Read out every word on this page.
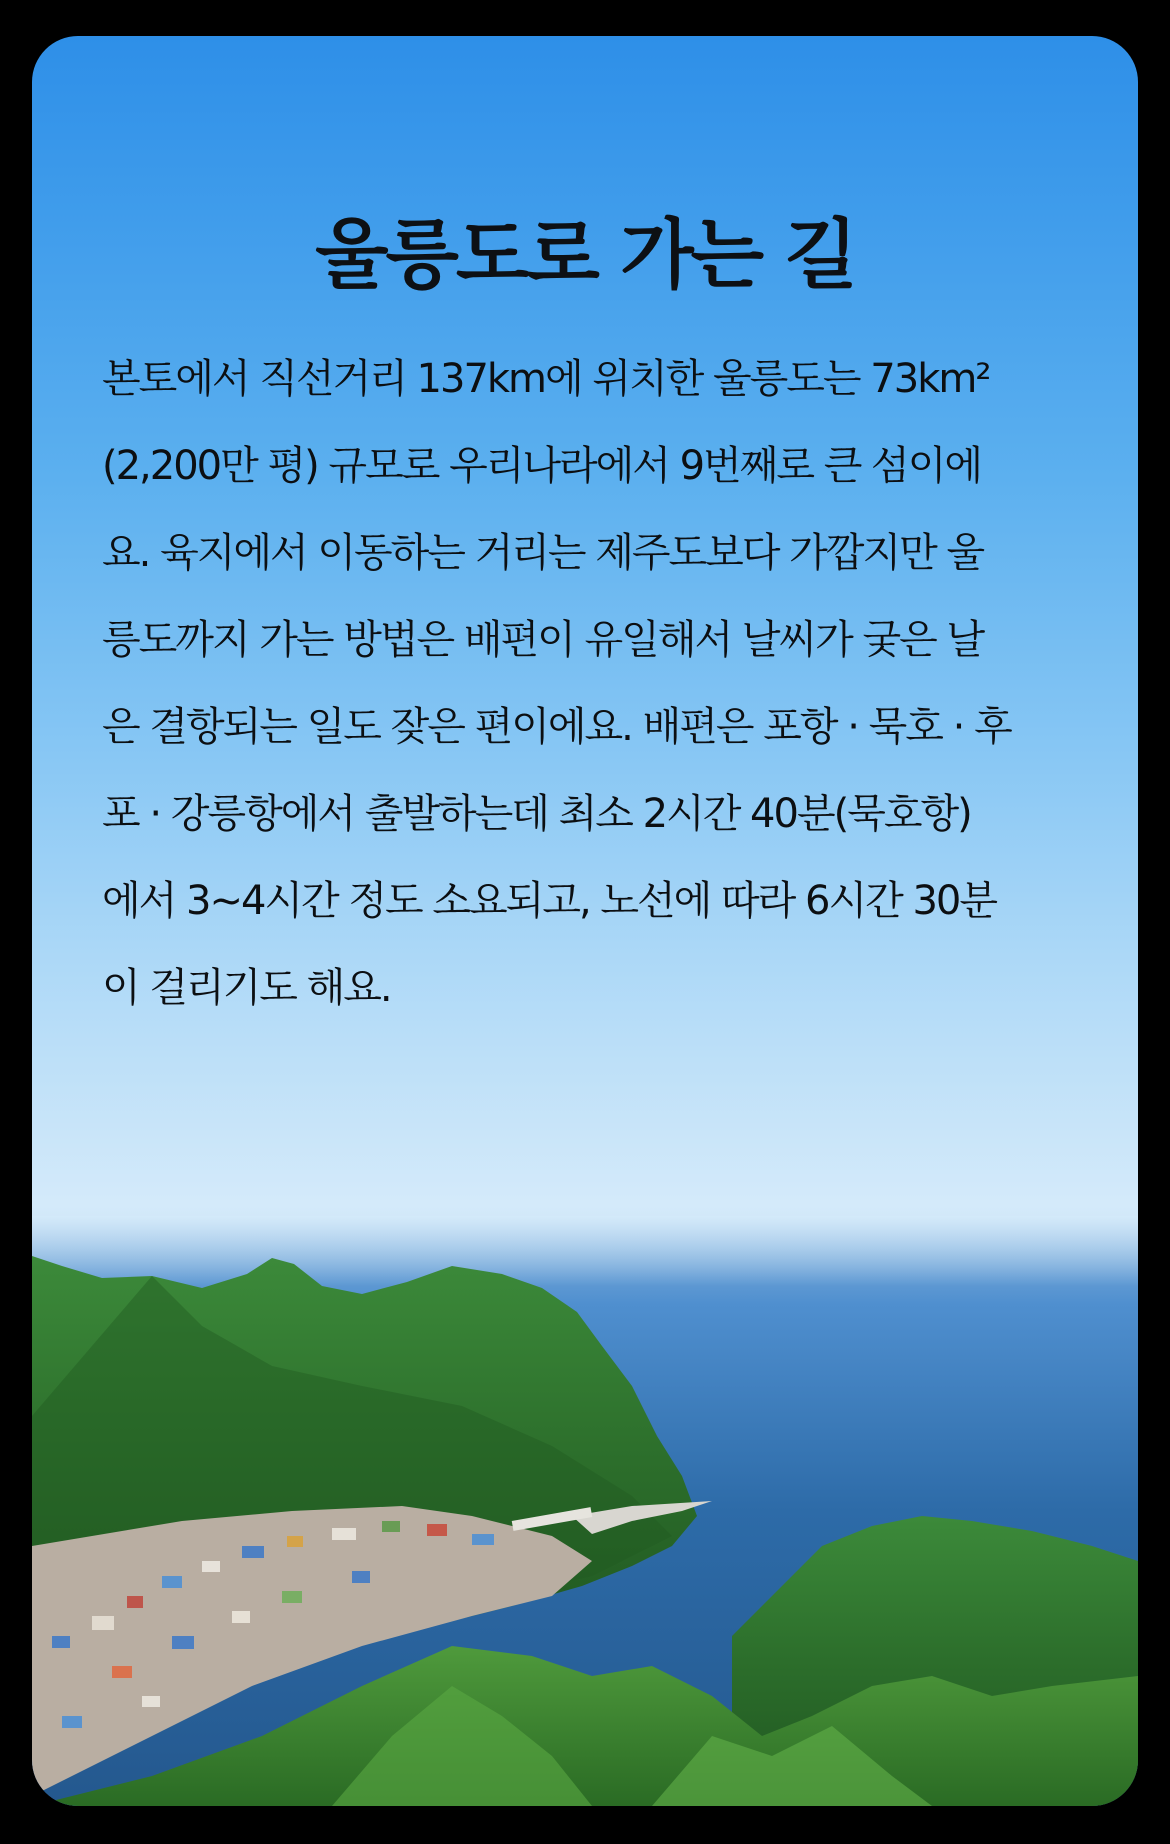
울릉도로 가는 길
본토에서 직선거리 137km에 위치한 울릉도는 73km²
(2,200만 평) 규모로 우리나라에서 9번째로 큰 섬이에
요. 육지에서 이동하는 거리는 제주도보다 가깝지만 울
릉도까지 가는 방법은 배편이 유일해서 날씨가 궂은 날
은 결항되는 일도 잦은 편이에요. 배편은 포항 · 묵호 · 후
포 · 강릉항에서 출발하는데 최소 2시간 40분(묵호항)
에서 3~4시간 정도 소요되고, 노선에 따라 6시간 30분
이 걸리기도 해요.
